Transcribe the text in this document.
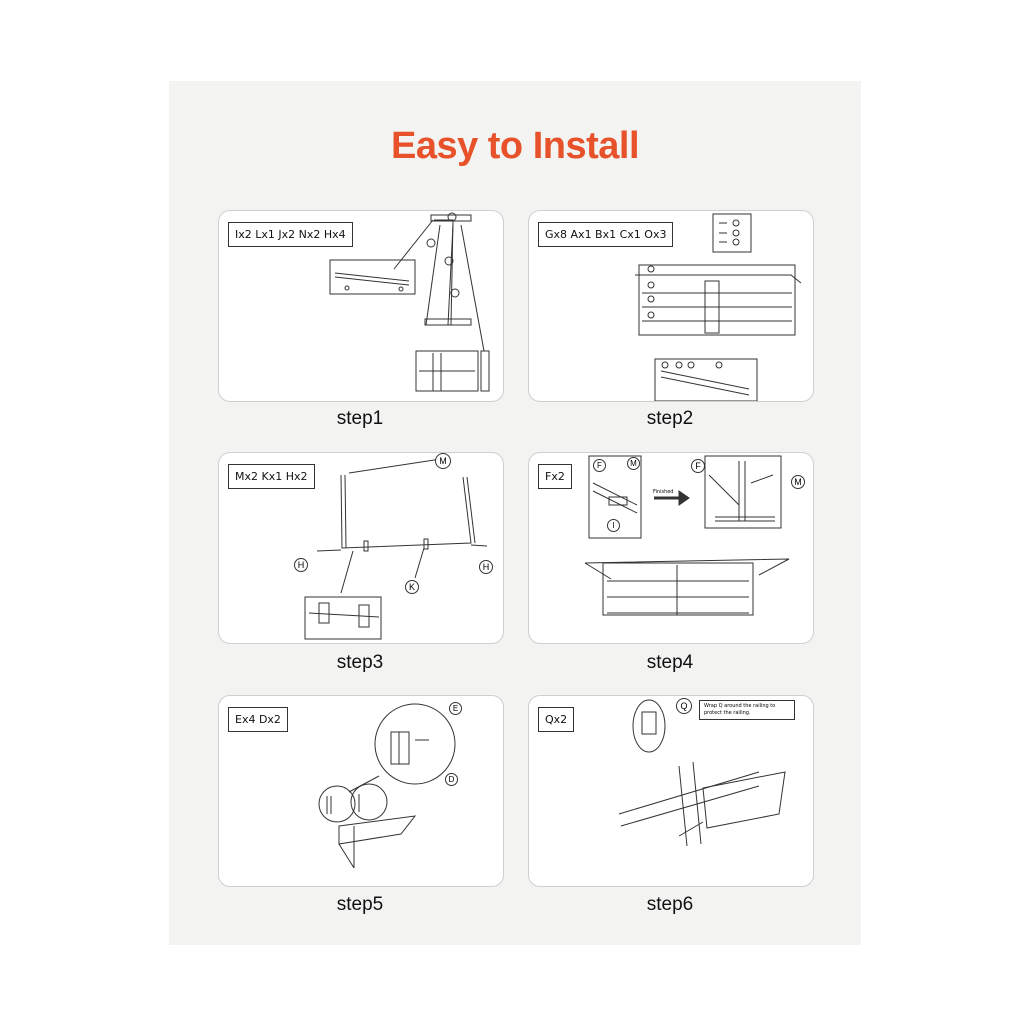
Easy to Install
Ix2 Lx1 Jx2 Nx2 Hx4
step1
Gx8 Ax1 Bx1 Cx1 Ox3
step2
Mx2 Kx1 Hx2
M
H	H
K
step3
Fx2
Finished
F	M	F
M
I
step4
Ex4 Dx2
E
D
step5
Qx2
Q	Wrap Q around the railing to protect the railing.
step6
